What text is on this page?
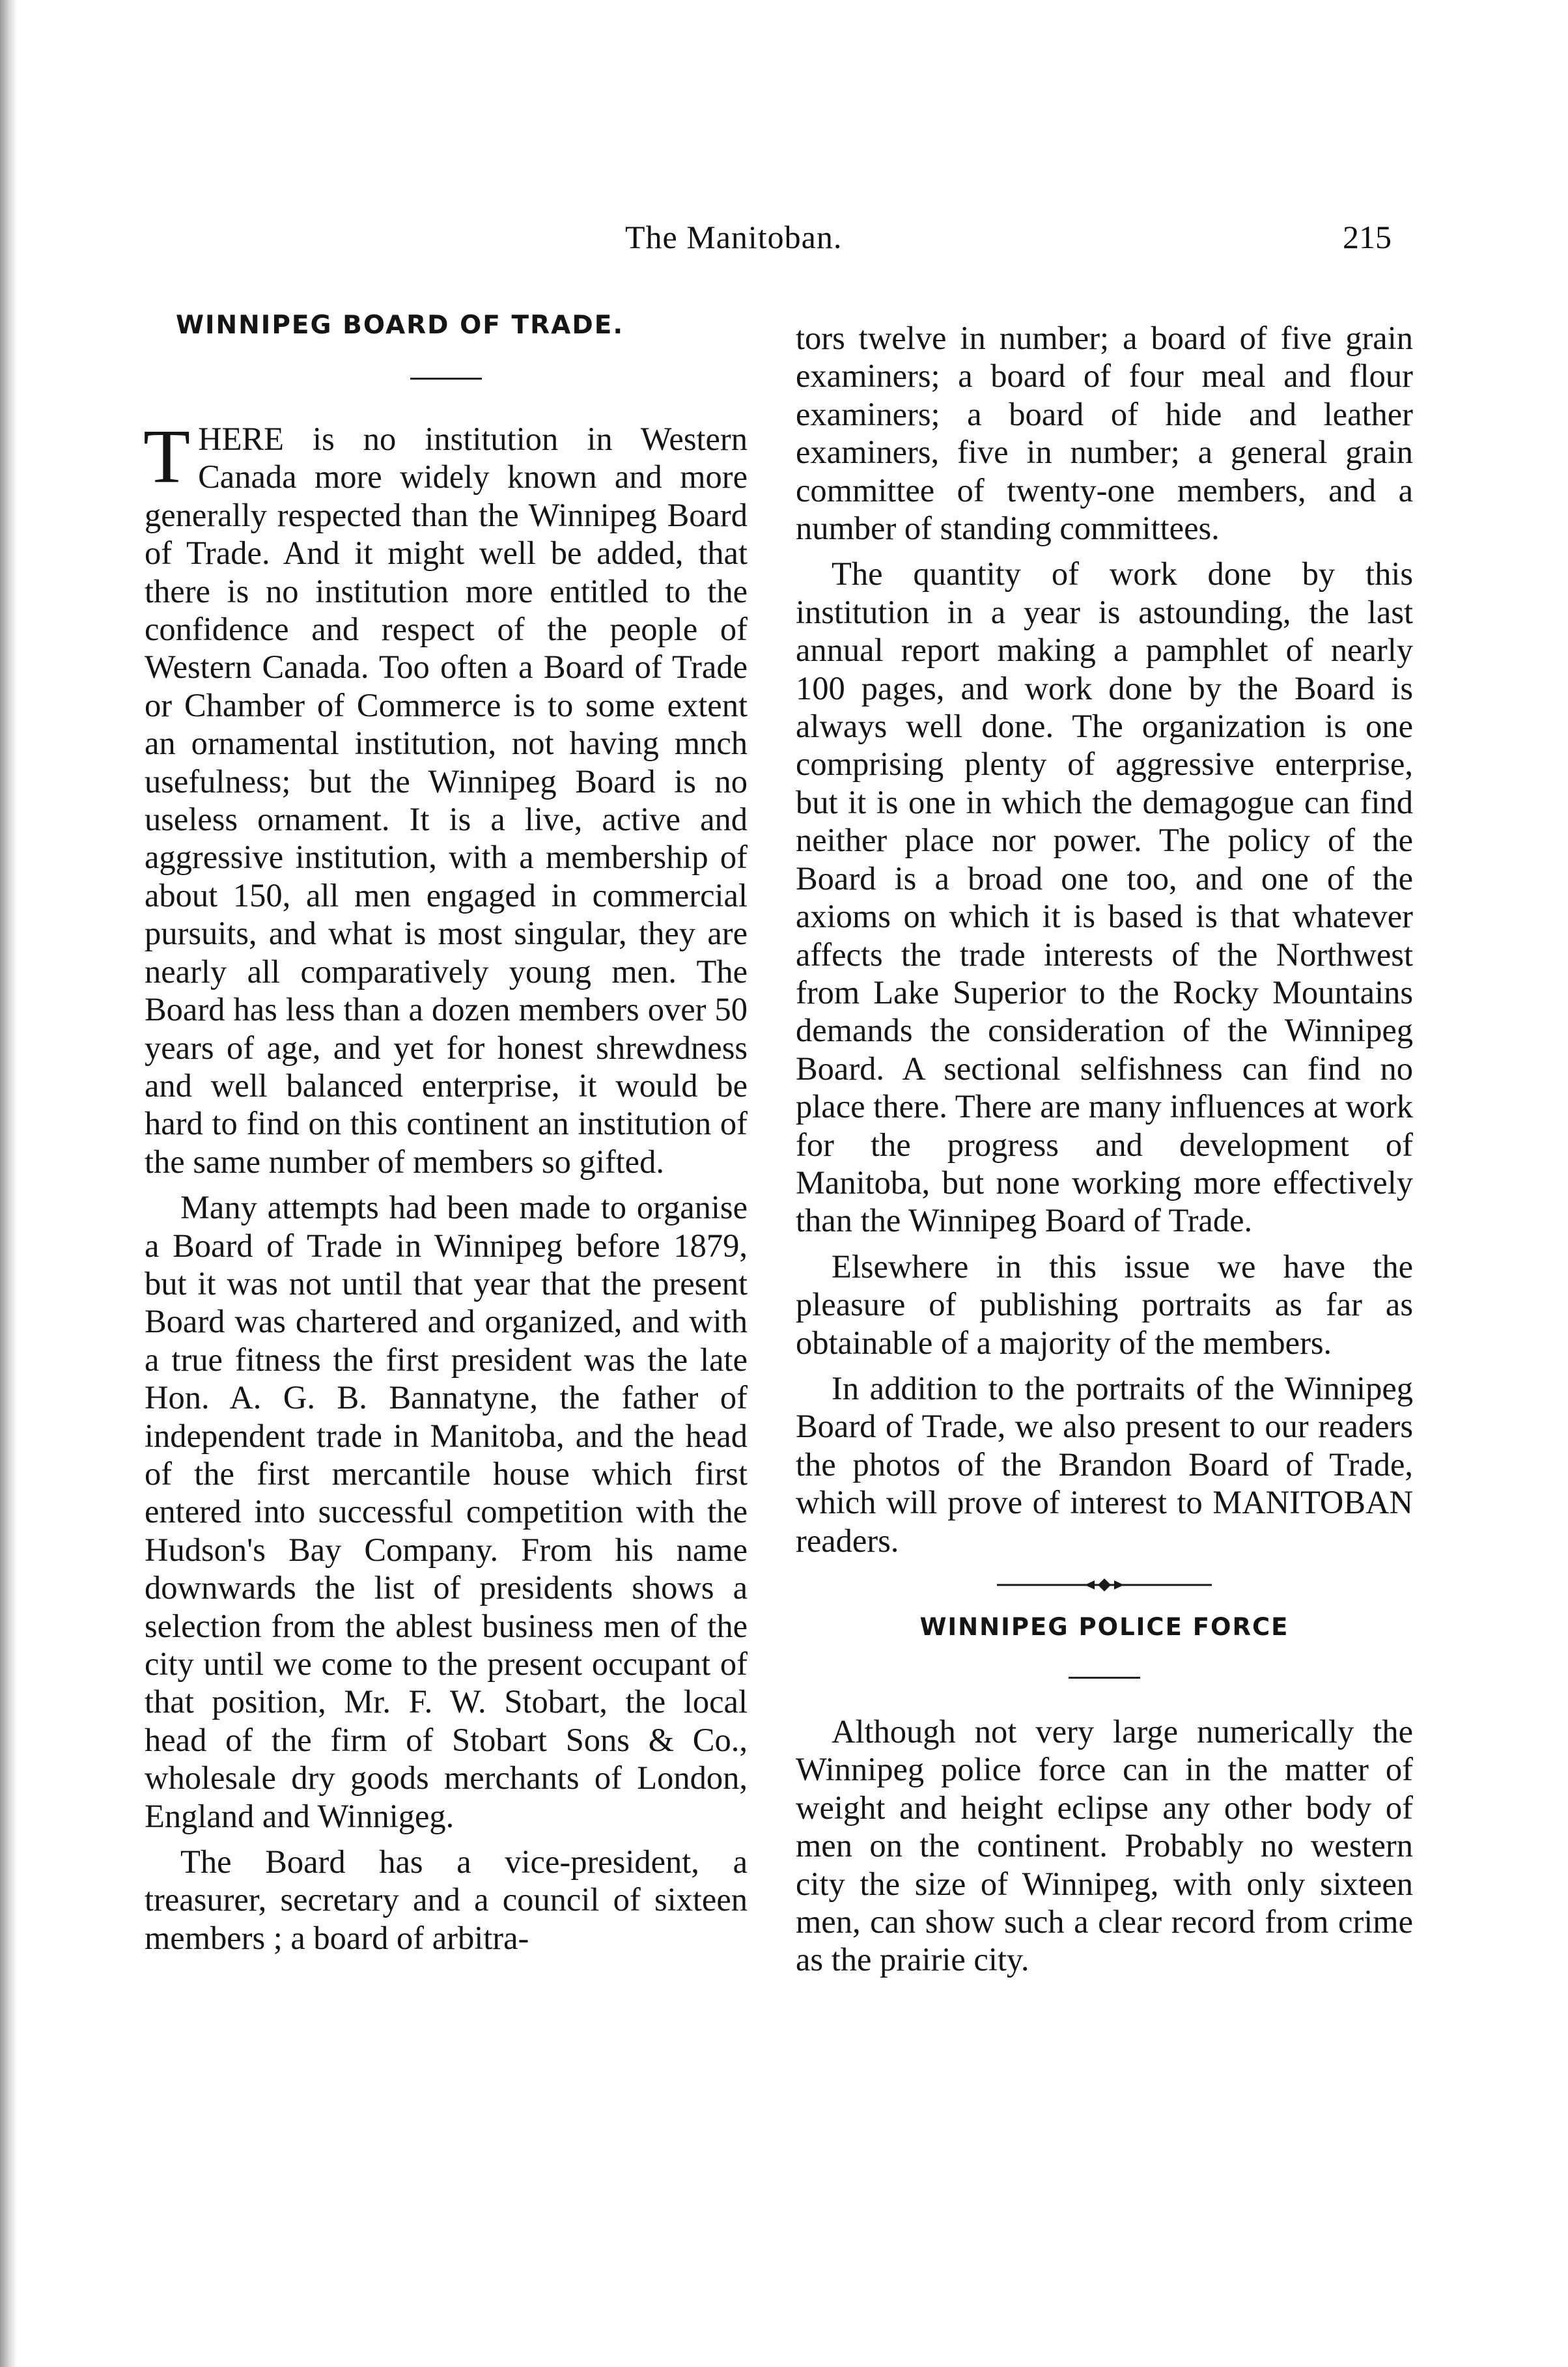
The Manitoban.	215
WINNIPEG BOARD OF TRADE.

THERE is no institution in Western Canada more widely known and more generally respected than the Winnipeg Board of Trade. And it might well be added, that there is no institution more entitled to the confidence and respect of the people of Western Canada. Too often a Board of Trade or Chamber of Commerce is to some extent an ornamental institution, not having mnch usefulness; but the Winnipeg Board is no useless ornament. It is a live, active and aggressive institution, with a membership of about 150, all men engaged in commercial pursuits, and what is most singular, they are nearly all comparatively young men. The Board has less than a dozen members over 50 years of age, and yet for honest shrewdness and well balanced enterprise, it would be hard to find on this continent an institution of the same number of members so gifted.

Many attempts had been made to organise a Board of Trade in Winnipeg before 1879, but it was not until that year that the present Board was chartered and organized, and with a true fitness the first president was the late Hon. A. G. B. Bannatyne, the father of independent trade in Manitoba, and the head of the first mercantile house which first entered into successful competition with the Hudson's Bay Company. From his name downwards the list of presidents shows a selection from the ablest business men of the city until we come to the present occupant of that position, Mr. F. W. Stobart, the local head of the firm of Stobart Sons & Co., wholesale dry goods merchants of London, England and Winnigeg.

The Board has a vice-president, a treasurer, secretary and a council of sixteen members ; a board of arbitra-

tors twelve in number; a board of five grain examiners; a board of four meal and flour examiners; a board of hide and leather examiners, five in number; a general grain committee of twenty-one members, and a number of standing committees.

The quantity of work done by this institution in a year is astounding, the last annual report making a pamphlet of nearly 100 pages, and work done by the Board is always well done. The organization is one comprising plenty of aggressive enterprise, but it is one in which the demagogue can find neither place nor power. The policy of the Board is a broad one too, and one of the axioms on which it is based is that whatever affects the trade interests of the Northwest from Lake Superior to the Rocky Mountains demands the consideration of the Winnipeg Board. A sectional selfishness can find no place there. There are many influences at work for the progress and development of Manitoba, but none working more effectively than the Winnipeg Board of Trade.

Elsewhere in this issue we have the pleasure of publishing portraits as far as obtainable of a majority of the members.

In addition to the portraits of the Winnipeg Board of Trade, we also present to our readers the photos of the Brandon Board of Trade, which will prove of interest to MANITOBAN readers.

WINNIPEG POLICE FORCE

Although not very large numerically the Winnipeg police force can in the matter of weight and height eclipse any other body of men on the continent. Probably no western city the size of Winnipeg, with only sixteen men, can show such a clear record from crime as the prairie city.
